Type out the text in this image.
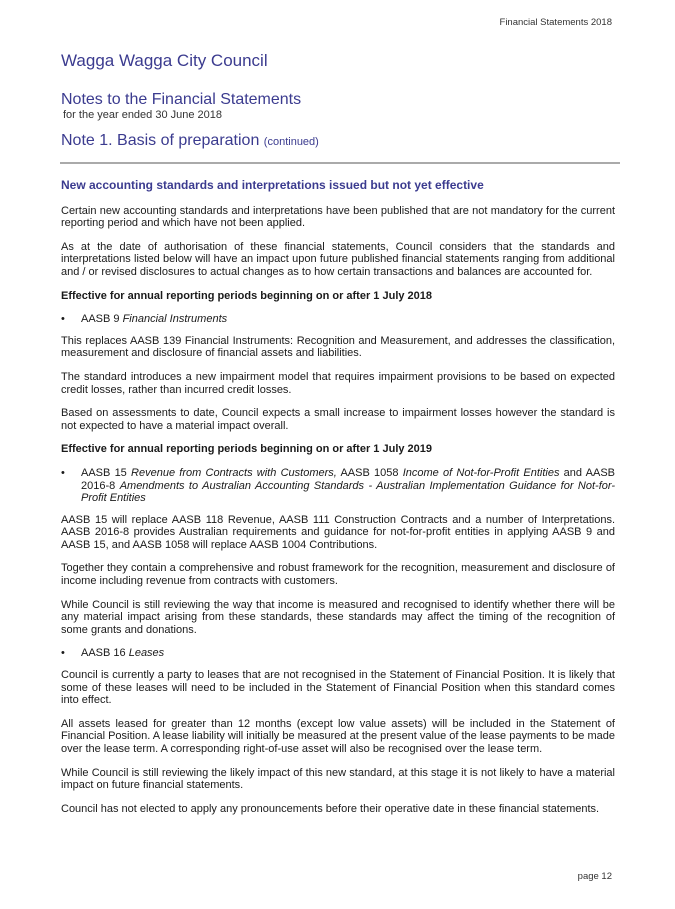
Financial Statements 2018
Wagga Wagga City Council
Notes to the Financial Statements
for the year ended 30 June 2018
Note 1. Basis of preparation (continued)
New accounting standards and interpretations issued but not yet effective

Certain new accounting standards and interpretations have been published that are not mandatory for the current reporting period and which have not been applied.

As at the date of authorisation of these financial statements, Council considers that the standards and interpretations listed below will have an impact upon future published financial statements ranging from additional and / or revised disclosures to actual changes as to how certain transactions and balances are accounted for.

Effective for annual reporting periods beginning on or after 1 July 2018

• AASB 9 Financial Instruments

This replaces AASB 139 Financial Instruments: Recognition and Measurement, and addresses the classification, measurement and disclosure of financial assets and liabilities.

The standard introduces a new impairment model that requires impairment provisions to be based on expected credit losses, rather than incurred credit losses.

Based on assessments to date, Council expects a small increase to impairment losses however the standard is not expected to have a material impact overall.

Effective for annual reporting periods beginning on or after 1 July 2019

• AASB 15 Revenue from Contracts with Customers, AASB 1058 Income of Not-for-Profit Entities and AASB 2016-8 Amendments to Australian Accounting Standards - Australian Implementation Guidance for Not-for-Profit Entities

AASB 15 will replace AASB 118 Revenue, AASB 111 Construction Contracts and a number of Interpretations. AASB 2016-8 provides Australian requirements and guidance for not-for-profit entities in applying AASB 9 and AASB 15, and AASB 1058 will replace AASB 1004 Contributions.

Together they contain a comprehensive and robust framework for the recognition, measurement and disclosure of income including revenue from contracts with customers.

While Council is still reviewing the way that income is measured and recognised to identify whether there will be any material impact arising from these standards, these standards may affect the timing of the recognition of some grants and donations.

• AASB 16 Leases

Council is currently a party to leases that are not recognised in the Statement of Financial Position. It is likely that some of these leases will need to be included in the Statement of Financial Position when this standard comes into effect.

All assets leased for greater than 12 months (except low value assets) will be included in the Statement of Financial Position. A lease liability will initially be measured at the present value of the lease payments to be made over the lease term. A corresponding right-of-use asset will also be recognised over the lease term.

While Council is still reviewing the likely impact of this new standard, at this stage it is not likely to have a material impact on future financial statements.

Council has not elected to apply any pronouncements before their operative date in these financial statements.

page 12
